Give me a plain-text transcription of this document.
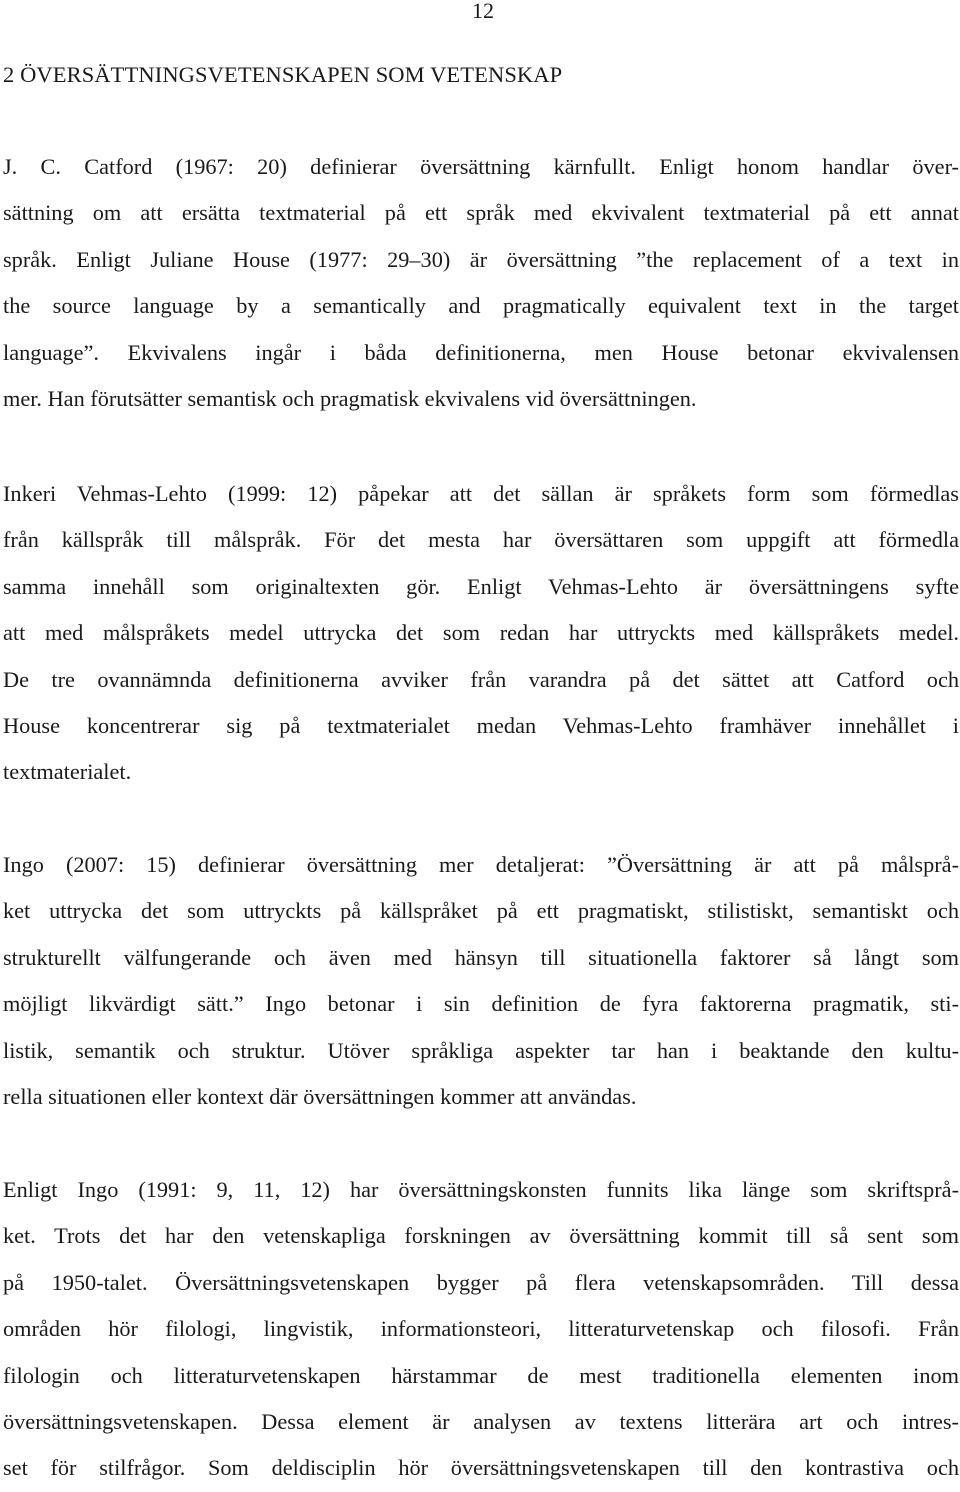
12
2 ÖVERSÄTTNINGSVETENSKAPEN SOM VETENSKAP
J. C. Catford (1967: 20) definierar översättning kärnfullt. Enligt honom handlar över-
sättning om att ersätta textmaterial på ett språk med ekvivalent textmaterial på ett annat
språk. Enligt Juliane House (1977: 29–30) är översättning ”the replacement of a text in
the source language by a semantically and pragmatically equivalent text in the target
language”. Ekvivalens ingår i båda definitionerna, men House betonar ekvivalensen
mer. Han förutsätter semantisk och pragmatisk ekvivalens vid översättningen.
Inkeri Vehmas-Lehto (1999: 12) påpekar att det sällan är språkets form som förmedlas
från källspråk till målspråk. För det mesta har översättaren som uppgift att förmedla
samma innehåll som originaltexten gör. Enligt Vehmas-Lehto är översättningens syfte
att med målspråkets medel uttrycka det som redan har uttryckts med källspråkets medel.
De tre ovannämnda definitionerna avviker från varandra på det sättet att Catford och
House koncentrerar sig på textmaterialet medan Vehmas-Lehto framhäver innehållet i
textmaterialet.
Ingo (2007: 15) definierar översättning mer detaljerat: ”Översättning är att på målsprå-
ket uttrycka det som uttryckts på källspråket på ett pragmatiskt, stilistiskt, semantiskt och
strukturellt välfungerande och även med hänsyn till situationella faktorer så långt som
möjligt likvärdigt sätt.” Ingo betonar i sin definition de fyra faktorerna pragmatik, sti-
listik, semantik och struktur. Utöver språkliga aspekter tar han i beaktande den kultu-
rella situationen eller kontext där översättningen kommer att användas.
Enligt Ingo (1991: 9, 11, 12) har översättningskonsten funnits lika länge som skriftsprå-
ket. Trots det har den vetenskapliga forskningen av översättning kommit till så sent som
på 1950-talet. Översättningsvetenskapen bygger på flera vetenskapsområden. Till dessa
områden hör filologi, lingvistik, informationsteori, litteraturvetenskap och filosofi. Från
filologin och litteraturvetenskapen härstammar de mest traditionella elementen inom
översättningsvetenskapen. Dessa element är analysen av textens litterära art och intres-
set för stilfrågor. Som deldisciplin hör översättningsvetenskapen till den kontrastiva och
